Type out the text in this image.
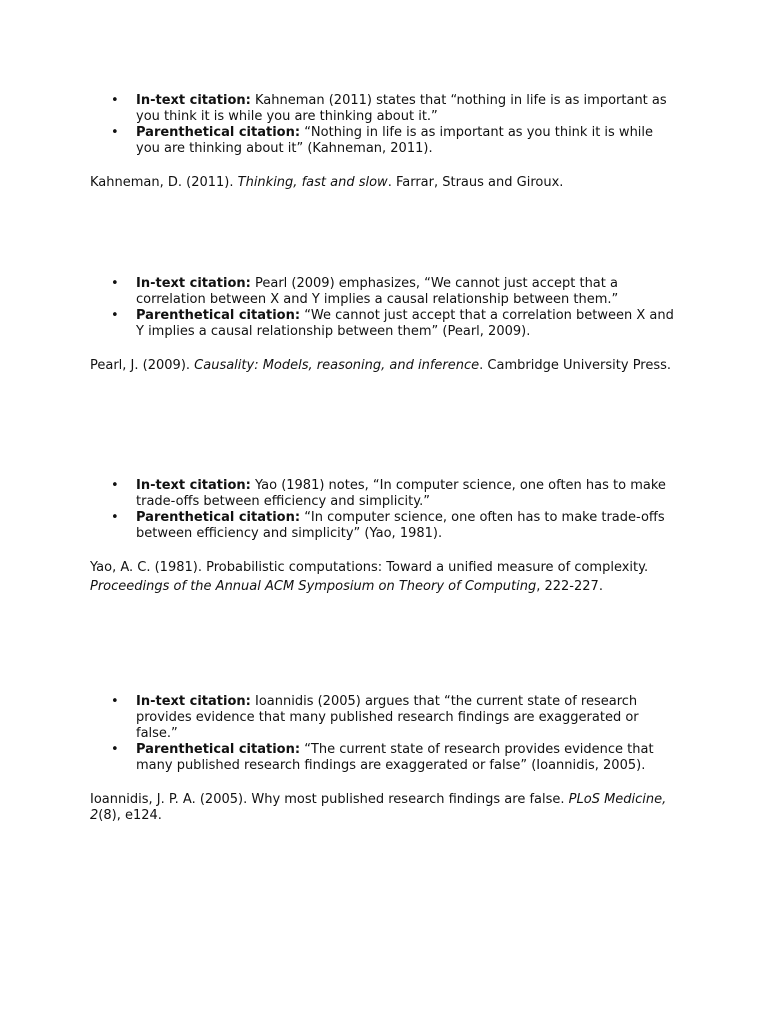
• In-text citation: Kahneman (2011) states that “nothing in life is as important as you think it is while you are thinking about it.”
• Parenthetical citation: “Nothing in life is as important as you think it is while you are thinking about it” (Kahneman, 2011).

Kahneman, D. (2011). Thinking, fast and slow. Farrar, Straus and Giroux.

• In-text citation: Pearl (2009) emphasizes, “We cannot just accept that a correlation between X and Y implies a causal relationship between them.”
• Parenthetical citation: “We cannot just accept that a correlation between X and Y implies a causal relationship between them” (Pearl, 2009).

Pearl, J. (2009). Causality: Models, reasoning, and inference. Cambridge University Press.

• In-text citation: Yao (1981) notes, “In computer science, one often has to make trade-offs between efficiency and simplicity.”
• Parenthetical citation: “In computer science, one often has to make trade-offs between efficiency and simplicity” (Yao, 1981).

Yao, A. C. (1981). Probabilistic computations: Toward a unified measure of complexity. Proceedings of the Annual ACM Symposium on Theory of Computing, 222-227.

• In-text citation: Ioannidis (2005) argues that “the current state of research provides evidence that many published research findings are exaggerated or false.”
• Parenthetical citation: “The current state of research provides evidence that many published research findings are exaggerated or false” (Ioannidis, 2005).

Ioannidis, J. P. A. (2005). Why most published research findings are false. PLoS Medicine, 2(8), e124.
